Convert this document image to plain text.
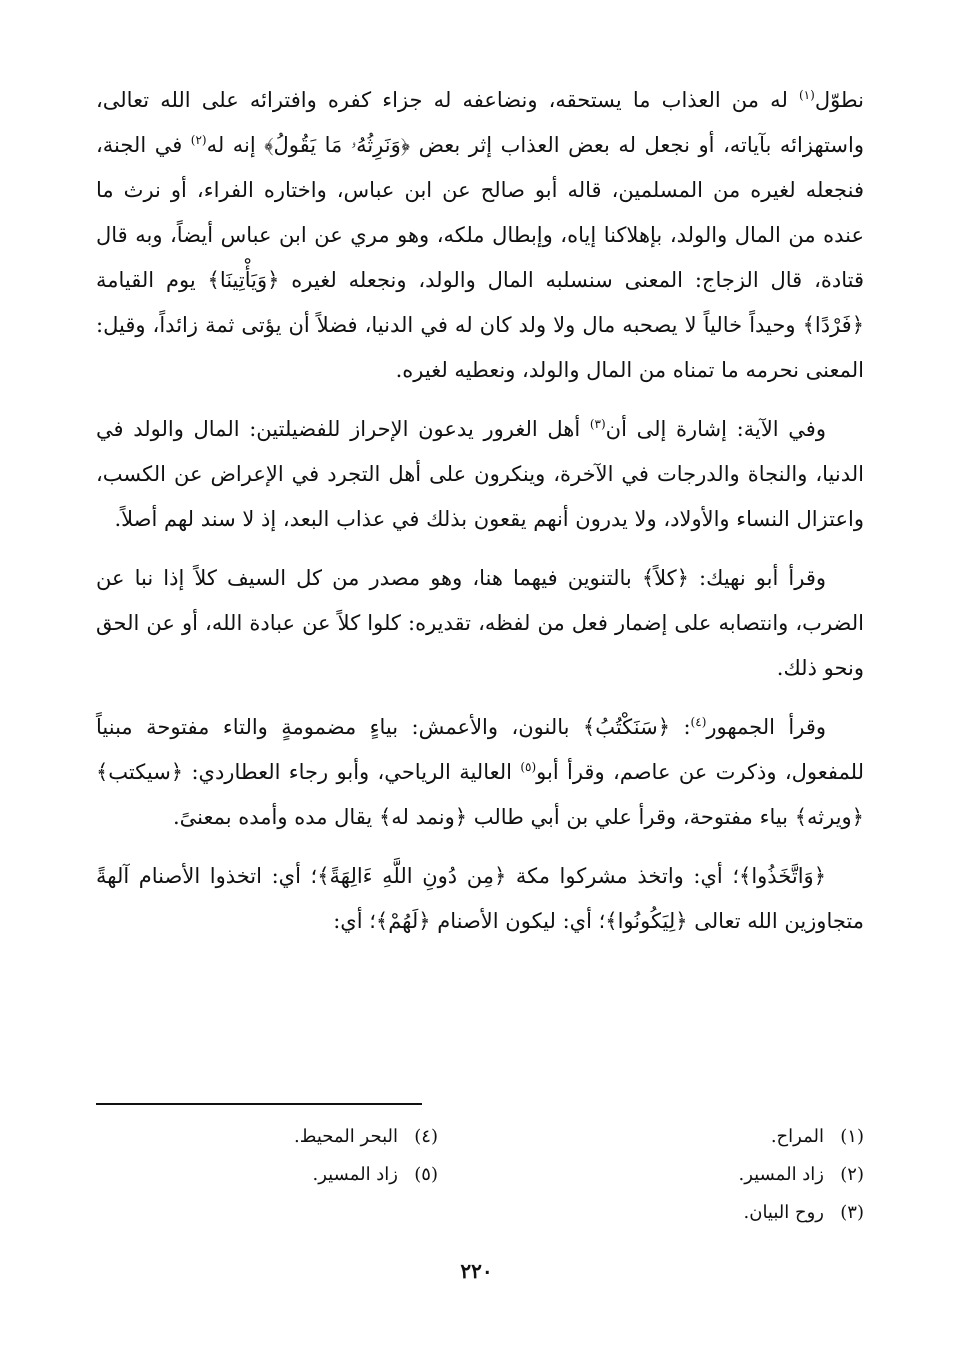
نطوّل$^{(١)}$ له من العذاب ما يستحقه، ونضاعفه له جزاء كفره وافترائه على الله تعالى، واستهزائه بآياته، أو نجعل له بعض العذاب إثر بعض ﴿وَنَرِثُهُۥ مَا يَقُولُ﴾ إنه له$^{(٢)}$ في الجنة، فنجعله لغيره من المسلمين، قاله أبو صالح عن ابن عباس، واختاره الفراء، أو نرث ما عنده من المال والولد، بإهلاكنا إياه، وإبطال ملكه، وهو مري عن ابن عباس أيضاً، وبه قال قتادة، قال الزجاج: المعنى سنسلبه المال والولد، ونجعله لغيره ﴿وَيَأْتِينَا﴾ يوم القيامة ﴿فَرْدًا﴾ وحيداً خالياً لا يصحبه مال ولا ولد كان له في الدنيا، فضلاً أن يؤتى ثمة زائداً، وقيل: المعنى نحرمه ما تمناه من المال والولد، ونعطيه لغيره.

وفي الآية: إشارة إلى أن$^{(٣)}$ أهل الغرور يدعون الإحراز للفضيلتين: المال والولد في الدنيا، والنجاة والدرجات في الآخرة، وينكرون على أهل التجرد في الإعراض عن الكسب، واعتزال النساء والأولاد، ولا يدرون أنهم يقعون بذلك في عذاب البعد، إذ لا سند لهم أصلاً.

وقرأ أبو نهيك: ﴿كلاً﴾ بالتنوين فيهما هنا، وهو مصدر من كل السيف كلاً إذا نبا عن الضرب، وانتصابه على إضمار فعل من لفظه، تقديره: كلوا كلاً عن عبادة الله، أو عن الحق ونحو ذلك.

وقرأ الجمهور$^{(٤)}$: ﴿سَنَكْتُبُ﴾ بالنون، والأعمش: بياءٍ مضمومةٍ والتاء مفتوحة مبنياً للمفعول، وذكرت عن عاصم، وقرأ أبو$^{(٥)}$ العالية الرياحي، وأبو رجاء العطاردي: ﴿سيكتب﴾ ﴿ويرثه﴾ بياء مفتوحة، وقرأ علي بن أبي طالب ﴿ونمد له﴾ يقال مده وأمده بمعنىً.

﴿وَاتَّخَذُوا﴾؛ أي: واتخذ مشركوا مكة ﴿مِن دُونِ اللَّهِ ءَالِهَةً﴾؛ أي: اتخذوا الأصنام آلهةً متجاوزين الله تعالى ﴿لِيَكُونُوا﴾؛ أي: ليكون الأصنام ﴿لَهُمْ﴾؛ أي:

(١)المراح.
(٢)زاد المسير.
(٣)روح البيان.
(٤)البحر المحيط.
(٥)زاد المسير.
٢٢٠
